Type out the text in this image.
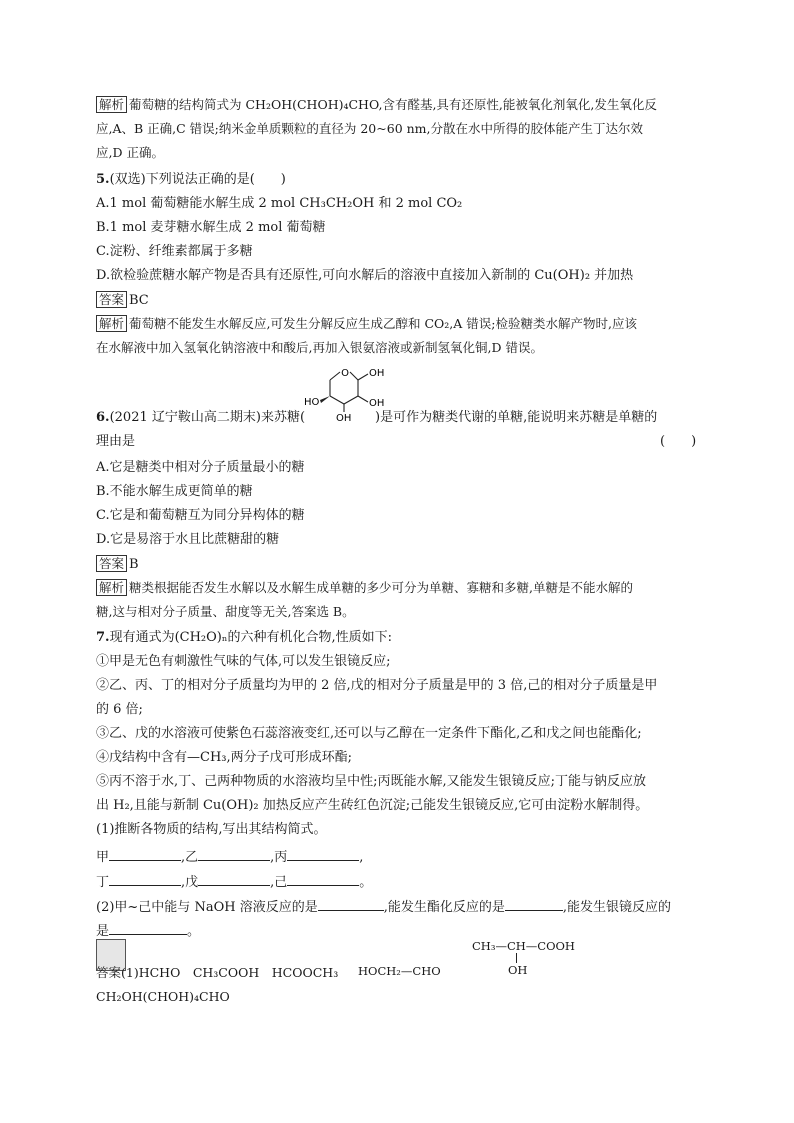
解析 葡萄糖的结构简式为 CH₂OH(CHOH)₄CHO,含有醛基,具有还原性,能被氧化剂氧化,发生氧化反
应,A、B 正确,C 错误;纳米金单质颗粒的直径为 20~60 nm,分散在水中所得的胶体能产生丁达尔效
应,D 正确。
5.(双选)下列说法正确的是(　　)
A.1 mol 葡萄糖能水解生成 2 mol CH₃CH₂OH 和 2 mol CO₂
B.1 mol 麦芽糖水解生成 2 mol 葡萄糖
C.淀粉、纤维素都属于多糖
D.欲检验蔗糖水解产物是否具有还原性,可向水解后的溶液中直接加入新制的 Cu(OH)₂ 并加热
答案 BC
解析 葡萄糖不能发生水解反应,可发生分解反应生成乙醇和 CO₂,A 错误;检验糖类水解产物时,应该
在水解液中加入氢氧化钠溶液中和酸后,再加入银氨溶液或新制氢氧化铜,D 错误。
O OH
HO	OH
OH
6.(2021 辽宁鞍山高二期末)来苏糖(	)是可作为糖类代谢的单糖,能说明来苏糖是单糖的
理由是	(　　)
A.它是糖类中相对分子质量最小的糖
B.不能水解生成更简单的糖
C.它是和葡萄糖互为同分异构体的糖
D.它是易溶于水且比蔗糖甜的糖
答案 B
解析 糖类根据能否发生水解以及水解生成单糖的多少可分为单糖、寡糖和多糖,单糖是不能水解的
糖,这与相对分子质量、甜度等无关,答案选 B。
7.现有通式为(CH₂O)ₙ的六种有机化合物,性质如下:
①甲是无色有刺激性气味的气体,可以发生银镜反应;
②乙、丙、丁的相对分子质量均为甲的 2 倍,戊的相对分子质量是甲的 3 倍,己的相对分子质量是甲
的 6 倍;
③乙、戊的水溶液可使紫色石蕊溶液变红,还可以与乙醇在一定条件下酯化,乙和戊之间也能酯化;
④戊结构中含有—CH₃,两分子戊可形成环酯;
⑤丙不溶于水,丁、己两种物质的水溶液均呈中性;丙既能水解,又能发生银镜反应;丁能与钠反应放
出 H₂,且能与新制 Cu(OH)₂ 加热反应产生砖红色沉淀;己能发生银镜反应,它可由淀粉水解制得。
(1)推断各物质的结构,写出其结构简式。
甲	,乙	,丙	,
丁	,戊	,己	。
(2)甲~己中能与 NaOH 溶液反应的是	,能发生酯化反应的是	,能发生银镜反应的
是	。
答案(1)HCHO　CH₃COOH　HCOOCH₃ HOCH₂—CHO
CH₃—CH—COOH
OH
CH₂OH(CHOH)₄CHO
